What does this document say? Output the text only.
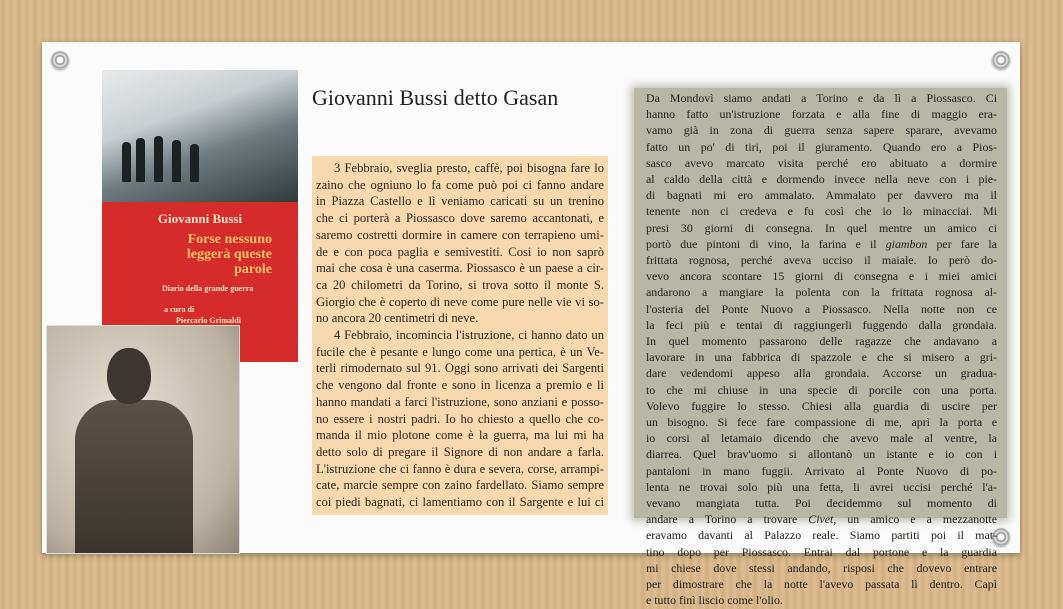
Giovanni Bussi
Forse nessuno
leggerà queste
parole
Diario della grande guerra
a cura di
Piercarlo Grimaldi
Giovanni Bussi detto Gasan
3 Febbraio, sveglia presto, caffè, poi bisogna fare lo
zaino che ogniuno lo fa come può poi ci fanno andare
in Piazza Castello e lì veniamo caricati su un trenino
che ci porterà a Piossasco dove saremo accantonati, e
saremo costretti dormire in camere con terrapieno umi-
de e con poca paglia e semivestiti. Cosi io non saprò
mai che cosa è una caserma. Piossasco è un paese a cir-
ca 20 chilometri da Torino, si trova sotto il monte S.
Giorgio che è coperto di neve come pure nelle vie vi so-
no ancora 20 centimetri di neve.
4 Febbraio, incomincia l'istruzione, ci hanno dato un
fucile che è pesante e lungo come una pertica, è un Ve-
terli rimodernato sul 91. Oggi sono arrivati dei Sargenti
che vengono dal fronte e sono in licenza a premio e li
hanno mandati a farci l'istruzione, sono anziani e posso-
no essere i nostri padri. Io ho chiesto a quello che co-
manda il mio plotone come è la guerra, ma lui mi ha
detto solo di pregare il Signore di non andare a farla.
L'istruzione che ci fanno è dura e severa, corse, arrampi-
cate, marcie sempre con zaino fardellato. Siamo sempre
coi piedi bagnati, ci lamentiamo con il Sargente e lui ci
Da Mondovì siamo andati a Torino e da lì a Piossasco. Ci
hanno fatto un'istruzione forzata e alla fine di maggio era-
vamo già in zona di guerra senza sapere sparare, avevamo
fatto un po' di tiri, poi il giuramento. Quando ero a Pios-
sasco avevo marcato visita perché ero abituato a dormire
al caldo della città e dormendo invece nella neve con i pie-
di bagnati mi ero ammalato. Ammalato per davvero ma il
tenente non ci credeva e fu così che io lo minacciai. Mi
presi 30 giorni di consegna. In quel mentre un amico ci
portò due pintoni di vino, la farina e il giambon per fare la
frittata rognosa, perché aveva ucciso il maiale. Io però do-
vevo ancora scontare 15 giorni di consegna e i miei amici
andarono a mangiare la polenta con la frittata rognosa al-
l'osteria del Ponte Nuovo a Piossasco. Nella notte non ce
la feci più e tentai di raggiungerli fuggendo dalla grondaia.
In quel momento passarono delle ragazze che andavano a
lavorare in una fabbrica di spazzole e che si misero a gri-
dare vedendomi appeso alla grondaia. Accorse un gradua-
to che mi chiuse in una specie di porcile con una porta.
Volevo fuggire lo stesso. Chiesi alla guardia di uscire per
un bisogno. Si fece fare compassione di me, aprì la porta e
io corsi al letamaio dicendo che avevo male al ventre, la
diarrea. Quel brav'uomo si allontanò un istante e io con i
pantaloni in mano fuggii. Arrivato al Ponte Nuovo di po-
lenta ne trovai solo più una fetta, li avrei uccisi perché l'a-
vevano mangiata tutta. Poi decidemmo sul momento di
andare a Torino a trovare Civet, un amico e a mezzanotte
eravamo davanti al Palazzo reale. Siamo partiti poi il mat-
tino dopo per Piossasco. Entrai dal portone e la guardia
mi chiese dove stessi andando, risposi che dovevo entrare
per dimostrare che la notte l'avevo passata lì dentro. Capì
e tutto finì liscio come l'olio.
